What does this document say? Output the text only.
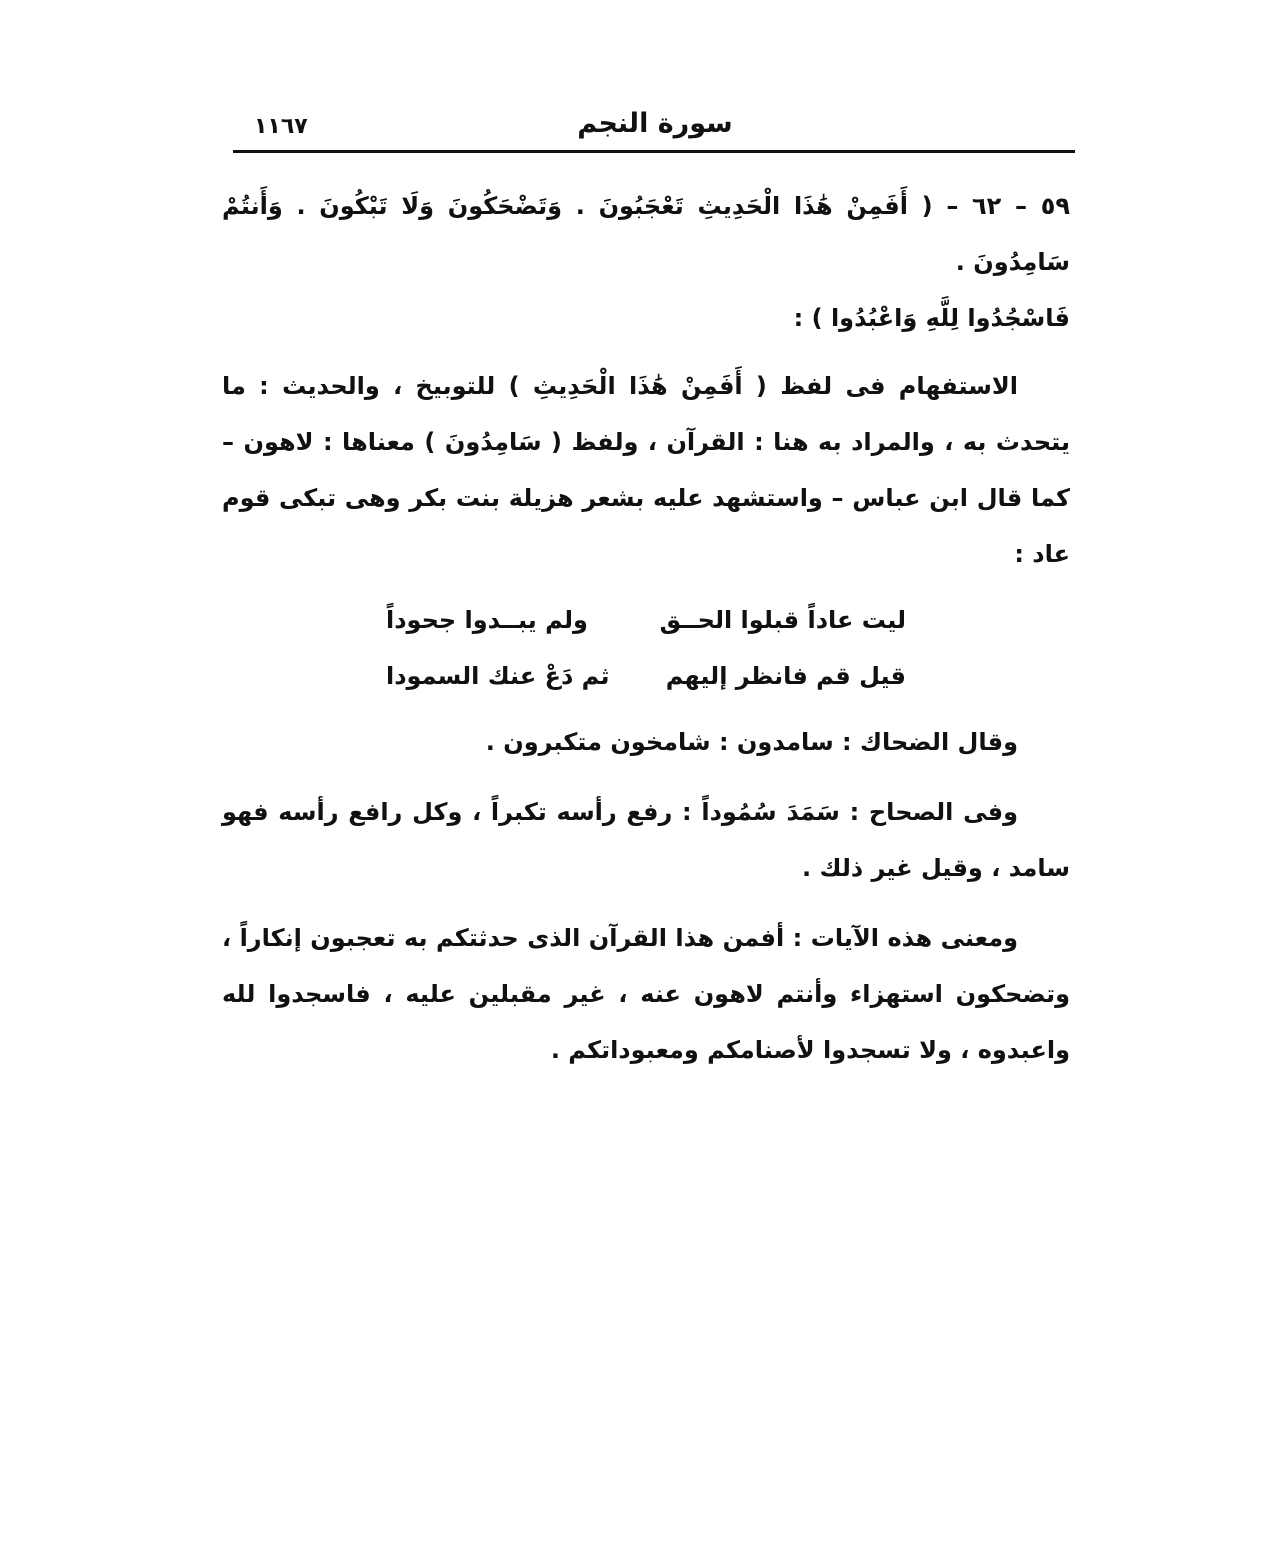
سورة النجم
١١٦٧

٥٩ – ٦٢ – ( أَفَمِنْ هَٰذَا الْحَدِيثِ تَعْجَبُونَ . وَتَضْحَكُونَ وَلَا تَبْكُونَ . وَأَنتُمْ سَامِدُونَ .

فَاسْجُدُوا لِلَّهِ وَاعْبُدُوا ) :

الاستفهام فى لفظ ( أَفَمِنْ هَٰذَا الْحَدِيثِ ) للتوبيخ ، والحديث : ما يتحدث به ، والمراد به هنا : القرآن ، ولفظ ( سَامِدُونَ ) معناها : لاهون – كما قال ابن عباس – واستشهد عليه بشعر هزيلة بنت بكر وهى تبكى قوم عاد :

ليت عاداً قبلوا الحــق
ولم يبــدوا جحوداً
قيل قم فانظر إليهم
ثم دَعْ عنك السمودا

وقال الضحاك : سامدون : شامخون متكبرون .

وفى الصحاح : سَمَدَ سُمُوداً : رفع رأسه تكبراً ، وكل رافع رأسه فهو سامد ، وقيل غير ذلك .

ومعنى هذه الآيات : أفمن هذا القرآن الذى حدثتكم به تعجبون إنكاراً ، وتضحكون استهزاء وأنتم لاهون عنه ، غير مقبلين عليه ، فاسجدوا لله واعبدوه ، ولا تسجدوا لأصنامكم ومعبوداتكم .
